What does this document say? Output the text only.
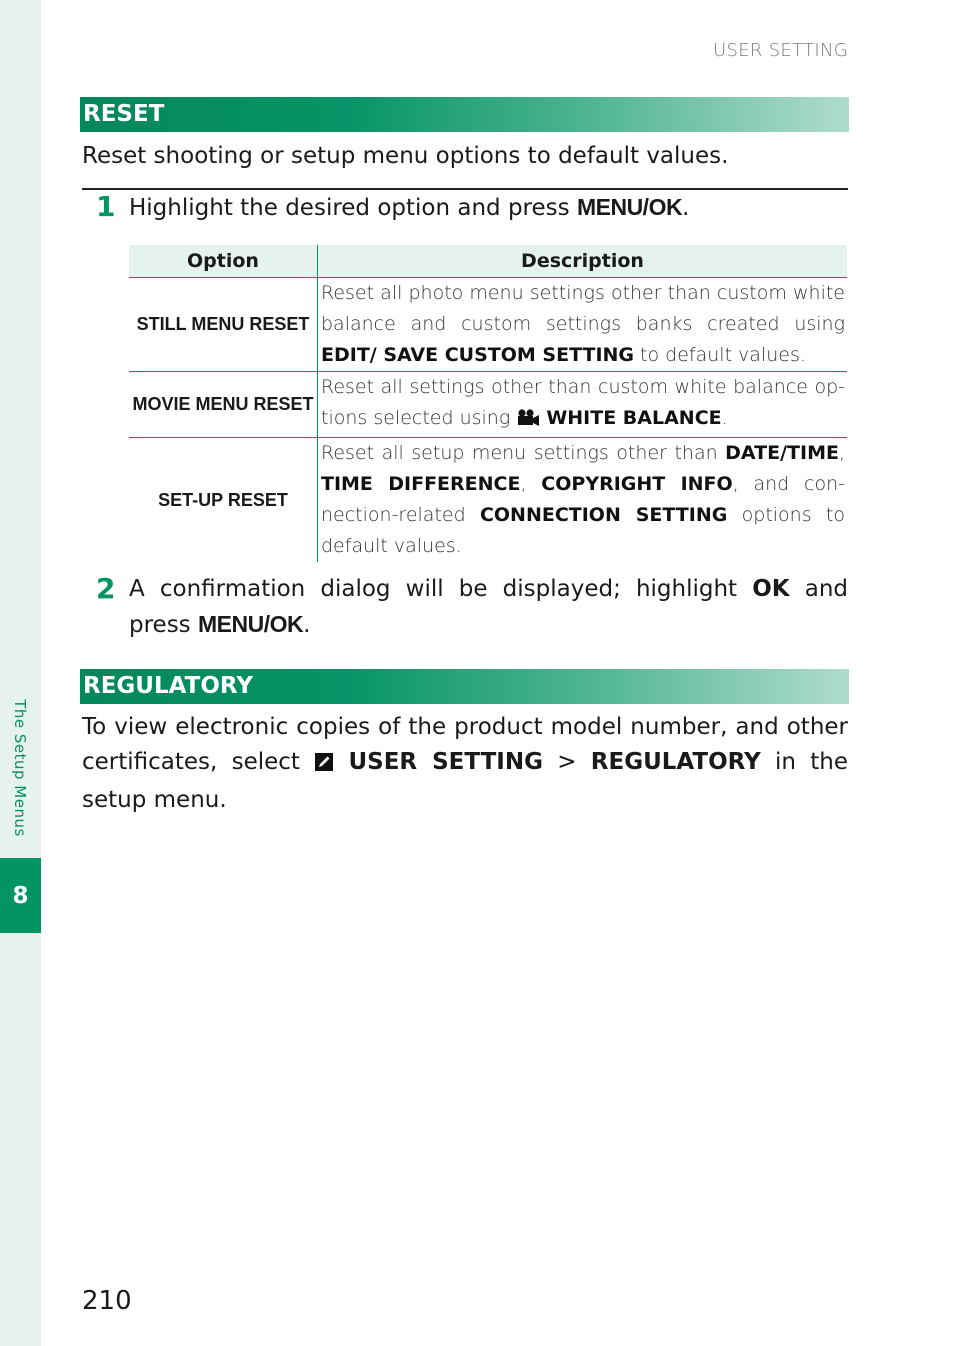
The Setup Menus
8
USER SETTING
RESET
Reset shooting or setup menu options to default values.
1 Highlight the desired option and press MENU/OK.
Option	Description
STILL MENU RESET	Reset all photo menu settings other than custom white balance and custom settings banks created using EDIT/ SAVE CUSTOM SETTING to default values.
MOVIE MENU RESET	Reset all settings other than custom white balance op-tions selected using  WHITE BALANCE.
SET-UP RESET	Reset all setup menu settings other than DATE/TIME, TIME DIFFERENCE, COPYRIGHT INFO, and con-nection-related CONNECTION SETTING options to default values.
2 A confirmation dialog will be displayed; highlight OK and press MENU/OK.
REGULATORY
To view electronic copies of the product model number, and other certificates, select  USER SETTING > REGULATORY in the setup menu.
210
